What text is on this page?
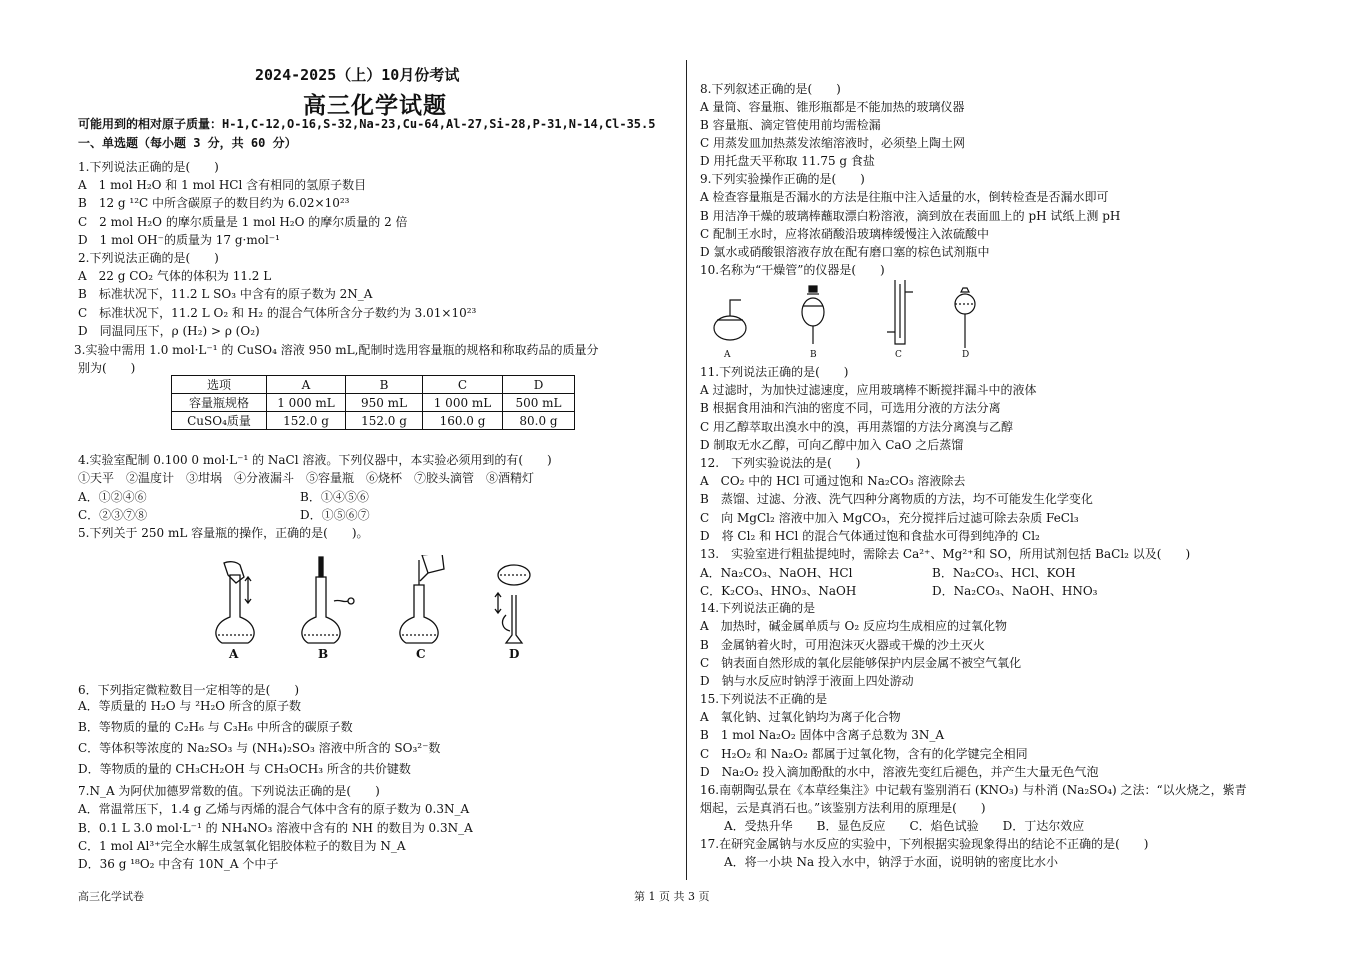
2024-2025（上）10月份考试
高三化学试题
可能用到的相对原子质量：H-1,C-12,O-16,S-32,Na-23,Cu-64,Al-27,Si-28,P-31,N-14,Cl-35.5
一、单选题（每小题 3 分，共 60 分）
1.下列说法正确的是(　　)
A　1 mol H₂O 和 1 mol HCl 含有相同的氢原子数目
B　12 g ¹²C 中所含碳原子的数目约为 6.02×10²³
C　2 mol H₂O 的摩尔质量是 1 mol H₂O 的摩尔质量的 2 倍
D　1 mol OH⁻的质量为 17 g·mol⁻¹
2.下列说法正确的是(　　)
A　22 g CO₂ 气体的体积为 11.2 L
B　标准状况下，11.2 L SO₃ 中含有的原子数为 2N_A
C　标准状况下，11.2 L O₂ 和 H₂ 的混合气体所含分子数约为 3.01×10²³
D　同温同压下，ρ (H₂) > ρ (O₂)
3.实验中需用 1.0 mol·L⁻¹ 的 CuSO₄ 溶液 950 mL,配制时选用容量瓶的规格和称取药品的质量分
别为(　　)
选项	A	B	C	D
容量瓶规格	1 000 mL	950 mL	1 000 mL	500 mL
CuSO₄质量	152.0 g	152.0 g	160.0 g	80.0 g
4.实验室配制 0.100 0 mol·L⁻¹ 的 NaCl 溶液。下列仪器中，本实验必须用到的有(　　)
①天平　②温度计　③坩埚　④分液漏斗　⑤容量瓶　⑥烧杯　⑦胶头滴管　⑧酒精灯
A．①②④⑥	B．①④⑤⑥
C．②③⑦⑧	D．①⑤⑥⑦
5.下列关于 250 mL 容量瓶的操作，正确的是(　　)。
A	B	C	D
6．下列指定微粒数目一定相等的是(　　)
A．等质量的 H₂O 与 ²H₂O 所含的原子数
B．等物质的量的 C₂H₆ 与 C₃H₆ 中所含的碳原子数
C．等体积等浓度的 Na₂SO₃ 与 (NH₄)₂SO₃ 溶液中所含的 SO₃²⁻数
D．等物质的量的 CH₃CH₂OH 与 CH₃OCH₃ 所含的共价键数
7.N_A 为阿伏加德罗常数的值。下列说法正确的是(　　)
A．常温常压下，1.4 g 乙烯与丙烯的混合气体中含有的原子数为 0.3N_A
B．0.1 L 3.0 mol·L⁻¹ 的 NH₄NO₃ 溶液中含有的 NH 的数目为 0.3N_A
C．1 mol Al³⁺完全水解生成氢氧化铝胶体粒子的数目为 N_A
D．36 g ¹⁸O₂ 中含有 10N_A 个中子
8.下列叙述正确的是(　　)
A 量筒、容量瓶、锥形瓶都是不能加热的玻璃仪器
B 容量瓶、滴定管使用前均需检漏
C 用蒸发皿加热蒸发浓缩溶液时，必须垫上陶土网
D 用托盘天平称取 11.75 g 食盐
9.下列实验操作正确的是(　　)
A 检查容量瓶是否漏水的方法是往瓶中注入适量的水，倒转检查是否漏水即可
B 用洁净干燥的玻璃棒蘸取漂白粉溶液，滴到放在表面皿上的 pH 试纸上测 pH
C 配制王水时，应将浓硝酸沿玻璃棒缓慢注入浓硫酸中
D 氯水或硝酸银溶液存放在配有磨口塞的棕色试剂瓶中
10.名称为“干燥管”的仪器是(　　)
A	B	C	D
11.下列说法正确的是(　　)
A 过滤时，为加快过滤速度，应用玻璃棒不断搅拌漏斗中的液体
B 根据食用油和汽油的密度不同，可选用分液的方法分离
C 用乙醇萃取出溴水中的溴，再用蒸馏的方法分离溴与乙醇
D 制取无水乙醇，可向乙醇中加入 CaO 之后蒸馏
12.　下列实验说法的是(　　)
A　CO₂ 中的 HCl 可通过饱和 Na₂CO₃ 溶液除去
B　蒸馏、过滤、分液、洗气四种分离物质的方法，均不可能发生化学变化
C　向 MgCl₂ 溶液中加入 MgCO₃，充分搅拌后过滤可除去杂质 FeCl₃
D　将 Cl₂ 和 HCl 的混合气体通过饱和食盐水可得到纯净的 Cl₂
13.　实验室进行粗盐提纯时，需除去 Ca²⁺、Mg²⁺和 SO，所用试剂包括 BaCl₂ 以及(　　)
A．Na₂CO₃、NaOH、HCl	B．Na₂CO₃、HCl、KOH
C．K₂CO₃、HNO₃、NaOH	D．Na₂CO₃、NaOH、HNO₃
14.下列说法正确的是
A　加热时，碱金属单质与 O₂ 反应均生成相应的过氧化物
B　金属钠着火时，可用泡沫灭火器或干燥的沙土灭火
C　钠表面自然形成的氧化层能够保护内层金属不被空气氧化
D　钠与水反应时钠浮于液面上四处游动
15.下列说法不正确的是
A　氧化钠、过氧化钠均为离子化合物
B　1 mol Na₂O₂ 固体中含离子总数为 3N_A
C　H₂O₂ 和 Na₂O₂ 都属于过氧化物，含有的化学键完全相同
D　Na₂O₂ 投入滴加酚酞的水中，溶液先变红后褪色，并产生大量无色气泡
16.南朝陶弘景在《本草经集注》中记载有鉴别消石 (KNO₃) 与朴消 (Na₂SO₄) 之法：“以火烧之，紫青
烟起，云是真消石也。”该鉴别方法利用的原理是(　　)
　　A．受热升华　　B．显色反应　　C．焰色试验　　D．丁达尔效应
17.在研究金属钠与水反应的实验中，下列根据实验现象得出的结论不正确的是(　　)
　　A．将一小块 Na 投入水中，钠浮于水面，说明钠的密度比水小
高三化学试卷	第 1 页 共 3 页
